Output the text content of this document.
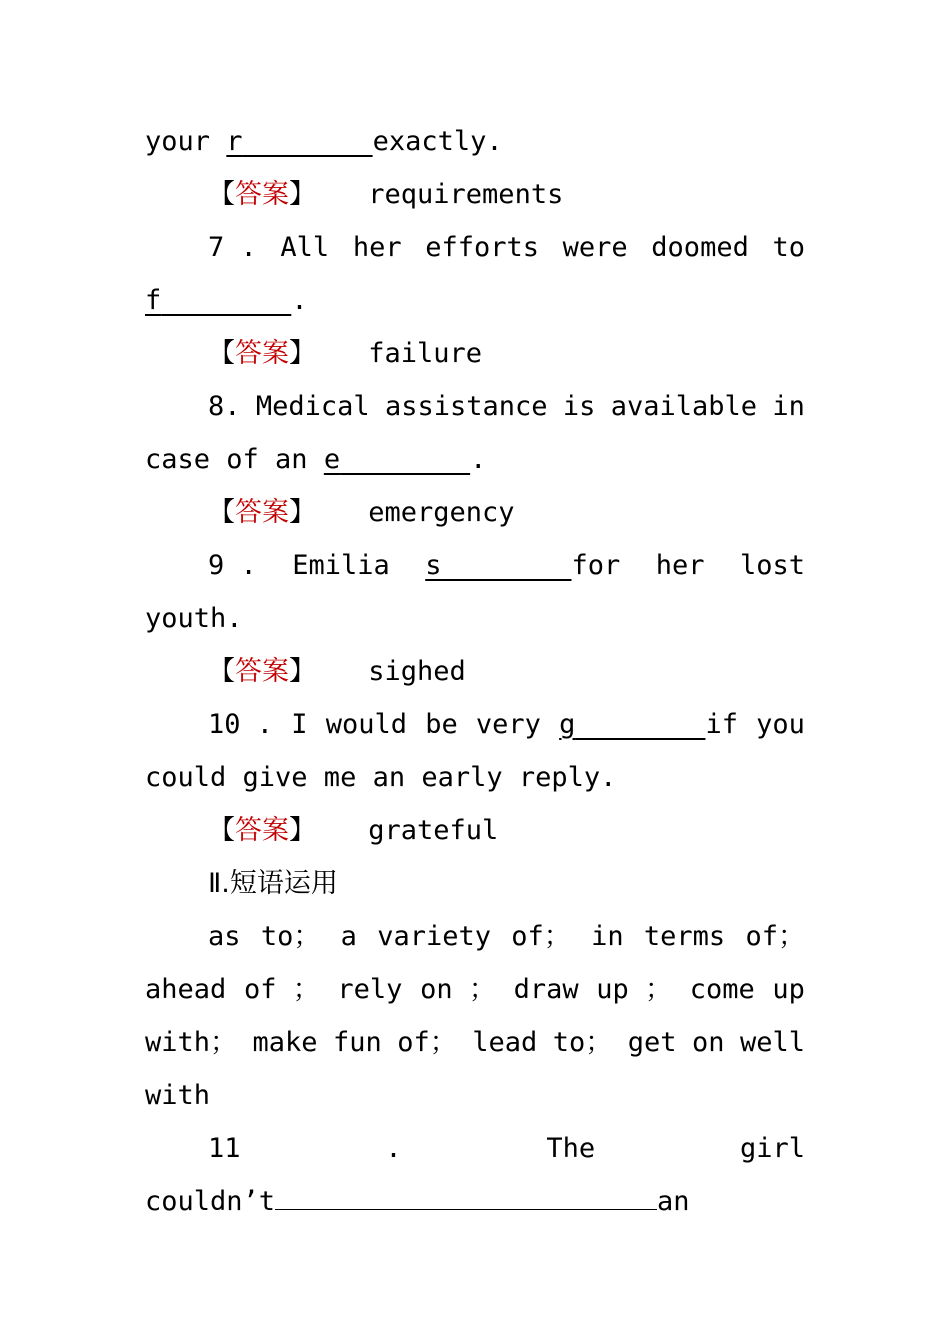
your r	exactly.
【答案】 requirements
7 . All her efforts were doomed to
f	.
【答案】 failure
8. Medical assistance is available in
case of an e	.
【答案】 emergency
9 . Emilia s	for her lost
youth.
【答案】 sighed
10 . I would be very g	if you
could give me an early reply.
【答案】 grateful
Ⅱ.短语运用
as to； a variety of； in terms of；
ahead of ； rely on ； draw up ； come up
with； make fun of； lead to； get on well
with
11	.	The	girl
couldn’t	an
